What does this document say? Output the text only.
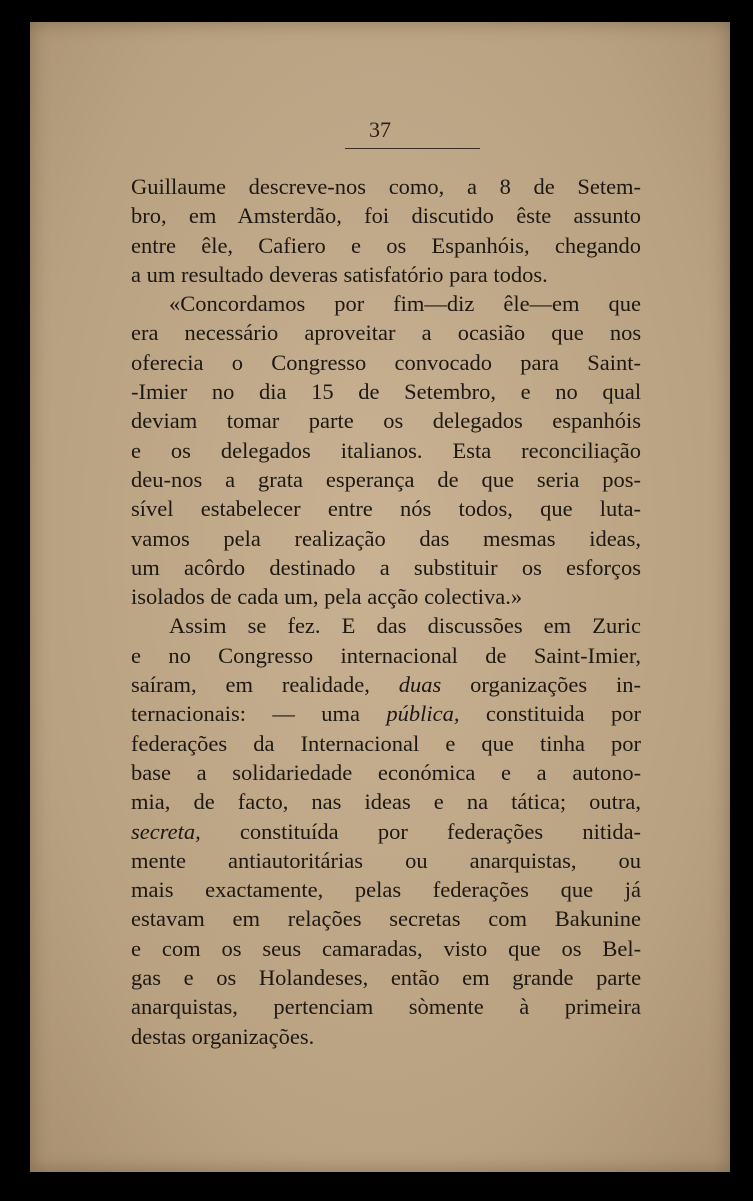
37

Guillaume descreve-nos como, a 8 de Setem-
bro, em Amsterdão, foi discutido êste assunto
entre êle, Cafiero e os Espanhóis, chegando
a um resultado deveras satisfatório para todos.

«Concordamos por fim—diz êle—em que
era necessário aproveitar a ocasião que nos
oferecia o Congresso convocado para Saint-
-Imier no dia 15 de Setembro, e no qual
deviam tomar parte os delegados espanhóis
e os delegados italianos. Esta reconciliação
deu-nos a grata esperança de que seria pos-
sível estabelecer entre nós todos, que luta-
vamos pela realização das mesmas ideas,
um acôrdo destinado a substituir os esforços
isolados de cada um, pela acção colectiva.»

Assim se fez. E das discussões em Zuric
e no Congresso internacional de Saint-Imier,
saíram, em realidade, duas organizações in-
ternacionais: — uma pública, constituida por
federações da Internacional e que tinha por
base a solidariedade económica e a autono-
mia, de facto, nas ideas e na tática; outra,
secreta, constituída por federações nitida-
mente antiautoritárias ou anarquistas, ou
mais exactamente, pelas federações que já
estavam em relações secretas com Bakunine
e com os seus camaradas, visto que os Bel-
gas e os Holandeses, então em grande parte
anarquistas, pertenciam sòmente à primeira
destas organizações.
